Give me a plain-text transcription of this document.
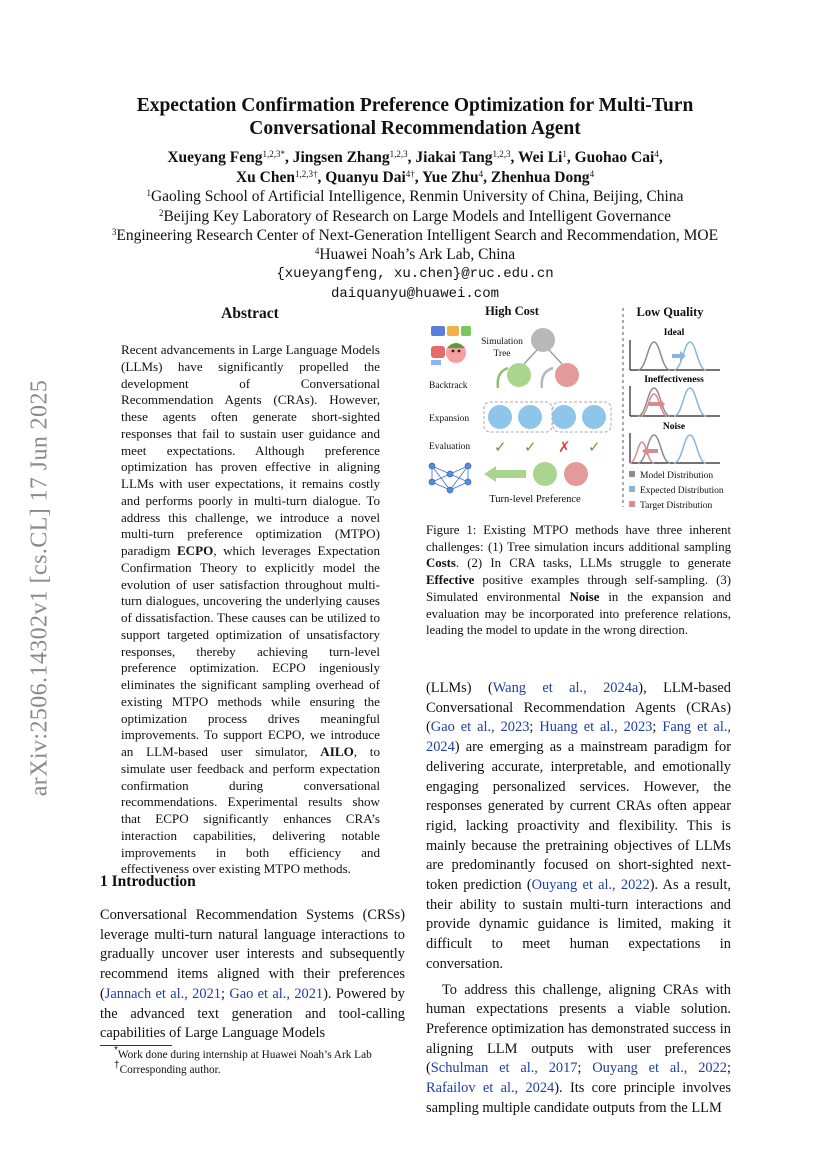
arXiv:2506.14302v1 [cs.CL] 17 Jun 2025
Expectation Confirmation Preference Optimization for Multi-Turn
Conversational Recommendation Agent
Xueyang Feng$^{1,2,3*}$, Jingsen Zhang$^{1,2,3}$, Jiakai Tang$^{1,2,3}$, Wei Li$^1$, Guohao Cai$^4$,
Xu Chen$^{1,2,3\dagger}$, Quanyu Dai$^{4\dagger}$, Yue Zhu$^4$, Zhenhua Dong$^4$
$^1$Gaoling School of Artificial Intelligence, Renmin University of China, Beijing, China
$^2$Beijing Key Laboratory of Research on Large Models and Intelligent Governance
$^3$Engineering Research Center of Next-Generation Intelligent Search and Recommendation, MOE
$^4$Huawei Noah’s Ark Lab, China
{xueyangfeng, xu.chen}@ruc.edu.cn
daiquanyu@huawei.com
Abstract

Recent advancements in Large Language Models (LLMs) have significantly propelled the development of Conversational Recommendation Agents (CRAs). However, these agents often generate short-sighted responses that fail to sustain user guidance and meet expectations. Although preference optimization has proven effective in aligning LLMs with user expectations, it remains costly and performs poorly in multi-turn dialogue. To address this challenge, we introduce a novel multi-turn preference optimization (MTPO) paradigm ECPO, which leverages Expectation Confirmation Theory to explicitly model the evolution of user satisfaction throughout multi-turn dialogues, uncovering the underlying causes of dissatisfaction. These causes can be utilized to support targeted optimization of unsatisfactory responses, thereby achieving turn-level preference optimization. ECPO ingeniously eliminates the significant sampling overhead of existing MTPO methods while ensuring the optimization process drives meaningful improvements. To support ECPO, we introduce an LLM-based user simulator, AILO, to simulate user feedback and perform expectation confirmation during conversational recommendations. Experimental results show that ECPO significantly enhances CRA’s interaction capabilities, delivering notable improvements in both efficiency and effectiveness over existing MTPO methods.

High Cost	Low Quality
Simulation
Tree
Backtrack
Expansion
Evaluation
Turn-level Preference
✓ ✓ ✗ ✓
Ideal
Ineffectiveness
Noise
Model Distribution
Expected Distribution
Target Distribution

Figure 1: Existing MTPO methods have three inherent challenges: (1) Tree simulation incurs additional sampling Costs. (2) In CRA tasks, LLMs struggle to generate Effective positive examples through self-sampling. (3) Simulated environmental Noise in the expansion and evaluation may be incorporated into preference relations, leading the model to update in the wrong direction.

1 Introduction

Conversational Recommendation Systems (CRSs) leverage multi-turn natural language interactions to gradually uncover user interests and subsequently recommend items aligned with their preferences (Jannach et al., 2021; Gao et al., 2021). Powered by the advanced text generation and tool-calling capabilities of Large Language Models

(LLMs) (Wang et al., 2024a), LLM-based Conversational Recommendation Agents (CRAs) (Gao et al., 2023; Huang et al., 2023; Fang et al., 2024) are emerging as a mainstream paradigm for delivering accurate, interpretable, and emotionally engaging personalized services. However, the responses generated by current CRAs often appear rigid, lacking proactivity and flexibility. This is mainly because the pretraining objectives of LLMs are predominantly focused on short-sighted next-token prediction (Ouyang et al., 2022). As a result, their ability to sustain multi-turn interactions and provide dynamic guidance is limited, making it difficult to meet human expectations in conversation.

To address this challenge, aligning CRAs with human expectations presents a viable solution. Preference optimization has demonstrated success in aligning LLM outputs with user preferences (Schulman et al., 2017; Ouyang et al., 2022; Rafailov et al., 2024). Its core principle involves sampling multiple candidate outputs from the LLM

*Work done during internship at Huawei Noah’s Ark Lab

†Corresponding author.
